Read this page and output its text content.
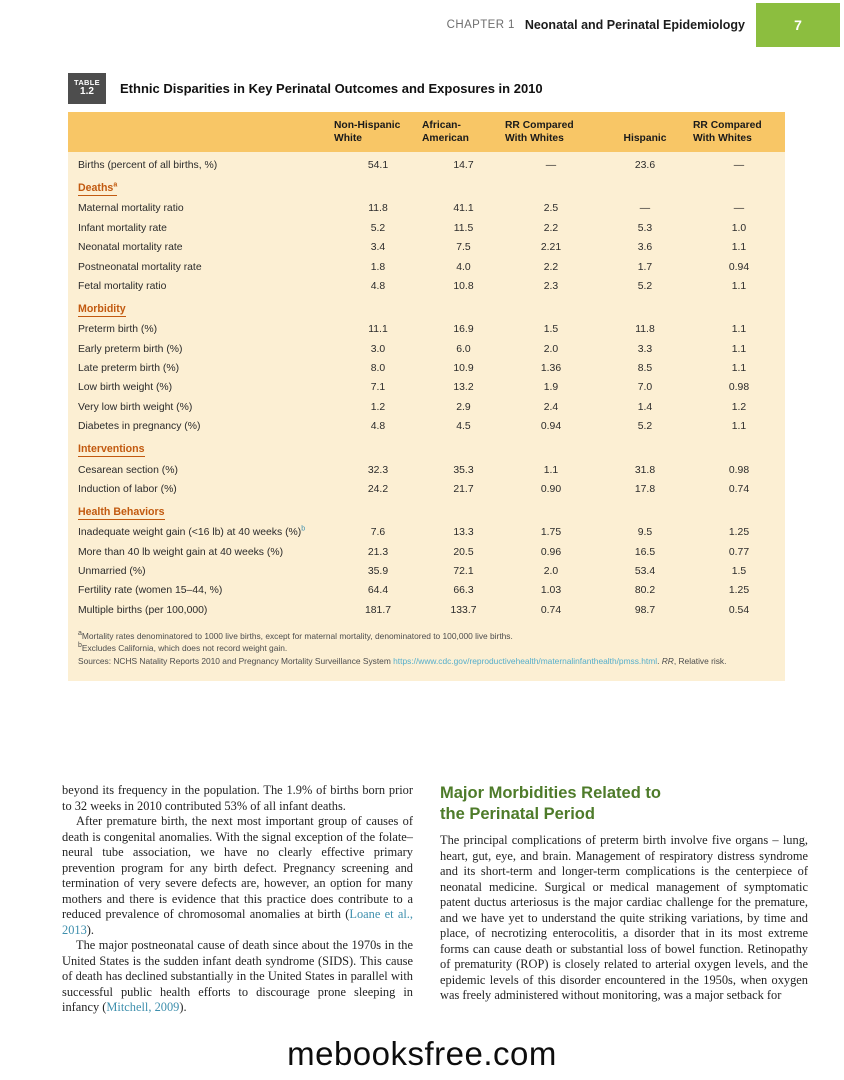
CHAPTER 1 Neonatal and Perinatal Epidemiology	7
TABLE
1.2 Ethnic Disparities in Key Perinatal Outcomes and Exposures in 2010
	Non-Hispanic White	African-American	RR Compared With Whites	Hispanic	RR Compared With Whites
Births (percent of all births, %)	54.1	14.7	—	23.6	—
Deaths$^a$
Maternal mortality ratio	11.8	41.1	2.5	—	—
Infant mortality rate	5.2	11.5	2.2	5.3	1.0
Neonatal mortality rate	3.4	7.5	2.21	3.6	1.1
Postneonatal mortality rate	1.8	4.0	2.2	1.7	0.94
Fetal mortality ratio	4.8	10.8	2.3	5.2	1.1
Morbidity					
Preterm birth (%)	11.1	16.9	1.5	11.8	1.1
Early preterm birth (%)	3.0	6.0	2.0	3.3	1.1
Late preterm birth (%)	8.0	10.9	1.36	8.5	1.1
Low birth weight (%)	7.1	13.2	1.9	7.0	0.98
Very low birth weight (%)	1.2	2.9	2.4	1.4	1.2
Diabetes in pregnancy (%)	4.8	4.5	0.94	5.2	1.1
Interventions					
Cesarean section (%)	32.3	35.3	1.1	31.8	0.98
Induction of labor (%)	24.2	21.7	0.90	17.8	0.74
Health Behaviors					
Inadequate weight gain (<16 lb) at 40 weeks (%)$^b$	7.6	13.3	1.75	9.5	1.25
More than 40 lb weight gain at 40 weeks (%)	21.3	20.5	0.96	16.5	0.77
Unmarried (%)	35.9	72.1	2.0	53.4	1.5
Fertility rate (women 15–44, %)	64.4	66.3	1.03	80.2	1.25
Multiple births (per 100,000)	181.7	133.7	0.74	98.7	0.54
$^a$Mortality rates denominatored to 1000 live births, except for maternal mortality, denominatored to 100,000 live births.
$^b$Excludes California, which does not record weight gain.
Sources: NCHS Natality Reports 2010 and Pregnancy Mortality Surveillance System https://www.cdc.gov/reproductivehealth/maternalinfanthealth/pmss.html. RR, Relative risk.

beyond its frequency in the population. The 1.9% of births born prior to 32 weeks in 2010 contributed 53% of all infant deaths.

After premature birth, the next most important group of causes of death is congenital anomalies. With the signal exception of the folate–neural tube association, we have no clearly effective primary prevention program for any birth defect. Pregnancy screening and termination of very severe defects are, however, an option for many mothers and there is evidence that this practice does contribute to a reduced prevalence of chromosomal anomalies at birth (Loane et al., 2013).

The major postneonatal cause of death since about the 1970s in the United States is the sudden infant death syndrome (SIDS). This cause of death has declined substantially in the United States in parallel with successful public health efforts to discourage prone sleeping in infancy (Mitchell, 2009).

Major Morbidities Related to
the Perinatal Period

The principal complications of preterm birth involve five organs – lung, heart, gut, eye, and brain. Management of respiratory distress syndrome and its short-term and longer-term complications is the centerpiece of neonatal medicine. Surgical or medical management of symptomatic patent ductus arteriosus is the major cardiac challenge for the premature, and we have yet to understand the quite striking variations, by time and place, of necrotizing enterocolitis, a disorder that in its most extreme forms can cause death or substantial loss of bowel function. Retinopathy of prematurity (ROP) is closely related to arterial oxygen levels, and the epidemic levels of this disorder encountered in the 1950s, when oxygen was freely administered without monitoring, was a major setback for

mebooksfree.com
